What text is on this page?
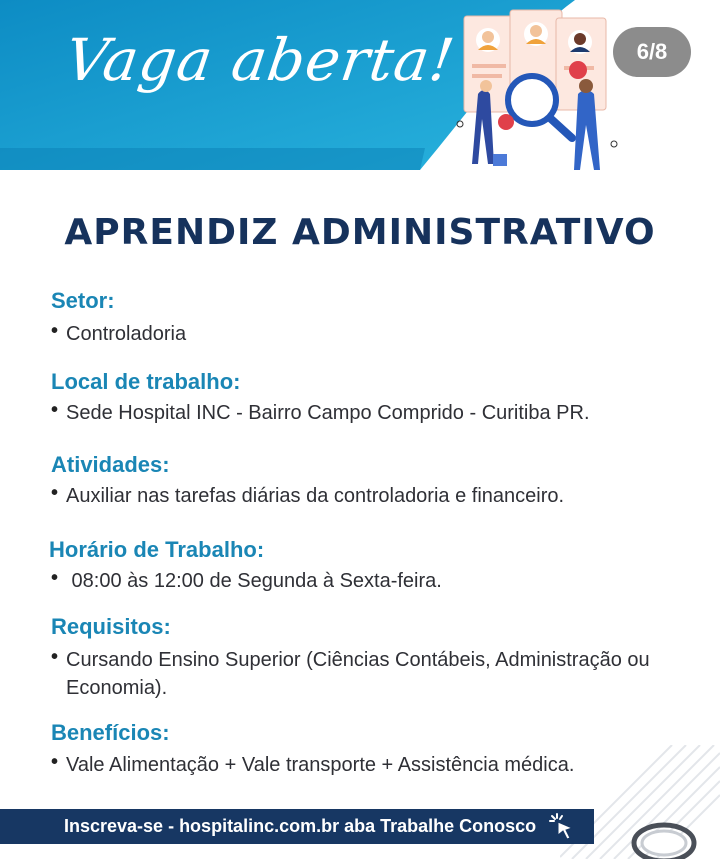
Vaga aberta!	6/8
APRENDIZ ADMINISTRATIVO
Setor:
• Controladoria
Local de trabalho:
• Sede Hospital INC - Bairro Campo Comprido - Curitiba PR.
Atividades:
• Auxiliar nas tarefas diárias da controladoria e financeiro.
Horário de Trabalho:
• 08:00 às 12:00 de Segunda à Sexta-feira.
Requisitos:
• Cursando Ensino Superior (Ciências Contábeis, Administração ou Economia).
Benefícios:
• Vale Alimentação + Vale transporte + Assistência médica.
Inscreva-se - hospitalinc.com.br aba Trabalhe Conosco
